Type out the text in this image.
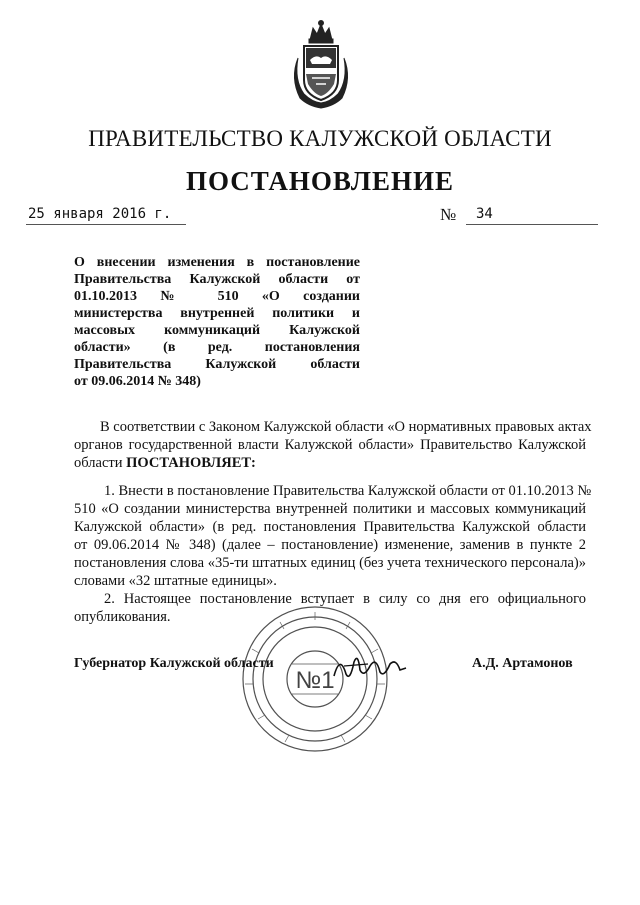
ПРАВИТЕЛЬСТВО КАЛУЖСКОЙ ОБЛАСТИ
ПОСТАНОВЛЕНИЕ
25 января 2016 г.	№ 34
О внесении изменения в постановление
Правительства Калужской области от
01.10.2013 № 510 «О создании
министерства внутренней политики и
массовых коммуникаций Калужской
области» (в ред. постановления
Правительства Калужской области
от 09.06.2014 № 348)
В соответствии с Законом Калужской области «О нормативных правовых актах
органов государственной власти Калужской области» Правительство Калужской
области ПОСТАНОВЛЯЕТ:
1. Внести в постановление Правительства Калужской области от 01.10.2013 №
510 «О создании министерства внутренней политики и массовых коммуникаций
Калужской области» (в ред. постановления Правительства Калужской области
от 09.06.2014 № 348) (далее – постановление) изменение, заменив в пункте 2
постановления слова «35-ти штатных единиц (без учета технического персонала)»
словами «32 штатные единицы».
2. Настоящее постановление вступает в силу со дня его официального
опубликования.
№1
Губернатор Калужской области	А.Д. Артамонов
